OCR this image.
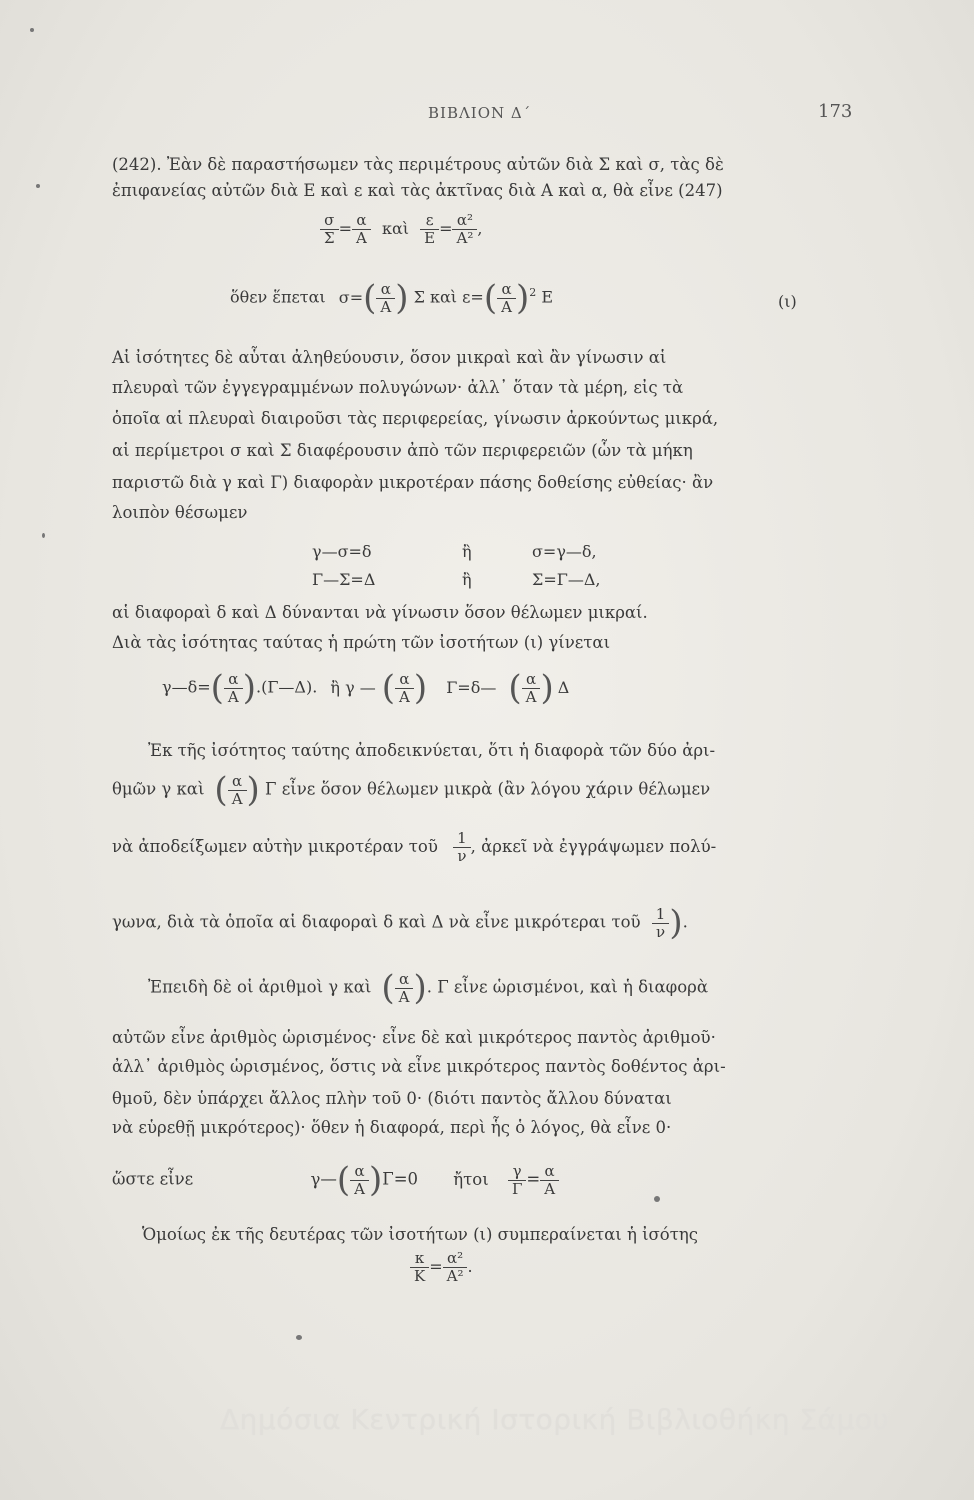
ΒΙΒΛΙΟΝ Δ΄	173
(242). Ἐὰν δὲ παραστήσωμεν τὰς περιμέτρους αὐτῶν διὰ Σ καὶ σ, τὰς δὲ
ἐπιφανείας αὐτῶν διὰ Ε καὶ ε καὶ τὰς ἀκτῖνας διὰ Α καὶ α, θὰ εἶνε (247)
$\frac{\sigma}{\Sigma} = \frac{\alpha}{A}$ καὶ $\frac{\varepsilon}{E} = \frac{\text{α²}}{\text{Α²}}$ ,
ὅθεν ἕπεται $\sigma=( \frac{\alpha}{A}$ ) Σ καὶ $\varepsilon=( \frac{\alpha}{A} )^2$ Ε	(ι)
Αἱ ἰσότητες δὲ αὗται ἀληθεύουσιν, ὅσον μικραὶ καὶ ἂν γίνωσιν αἱ
πλευραὶ τῶν ἐγγεγραμμένων πολυγώνων· ἀλλ᾽ ὅταν τὰ μέρη, εἰς τὰ
ὁποῖα αἱ πλευραὶ διαιροῦσι τὰς περιφερείας, γίνωσιν ἀρκούντως μικρά,
αἱ περίμετροι σ καὶ Σ διαφέρουσιν ἀπὸ τῶν περιφερειῶν (ὧν τὰ μήκη
παριστῶ διὰ γ καὶ Γ) διαφορὰν μικροτέραν πάσης δοθείσης εὐθείας· ἂν
λοιπὸν θέσωμεν
γ—σ=δ	ἢ	σ=γ—δ,
Γ—Σ=Δ	ἢ	Σ=Γ—Δ,
αἱ διαφοραὶ δ καὶ Δ δύνανται νὰ γίνωσιν ὅσον θέλωμεν μικραί.
Διὰ τὰς ἰσότητας ταύτας ἡ πρώτη τῶν ἰσοτήτων (ι) γίνεται
γ—δ=( $\frac{\alpha}{A}$ ).(Γ—Δ). ἢ γ — ( $\frac{\alpha}{A}$ ) Γ=δ— ( $\frac{\alpha}{A}$ ) Δ
Ἐκ τῆς ἰσότητος ταύτης ἀποδεικνύεται, ὅτι ἡ διαφορὰ τῶν δύο ἀρι-
θμῶν γ καὶ ( $\frac{\alpha}{A}$ ) Γ εἶνε ὅσον θέλωμεν μικρὰ (ἂν λόγου χάριν θέλωμεν
νὰ ἀποδείξωμεν αὐτὴν μικροτέραν τοῦ $\frac{1}{\nu}$ , ἀρκεῖ νὰ ἐγγράψωμεν πολύ-
γωνα, διὰ τὰ ὁποῖα αἱ διαφοραὶ δ καὶ Δ νὰ εἶνε μικρότεραι τοῦ $\frac{1}{\nu}$ ).
Ἐπειδὴ δὲ οἱ ἀριθμοὶ γ καὶ ( $\frac{\alpha}{A}$ ). Γ εἶνε ὡρισμένοι, καὶ ἡ διαφορὰ
αὐτῶν εἶνε ἀριθμὸς ὡρισμένος· εἶνε δὲ καὶ μικρότερος παντὸς ἀριθμοῦ·
ἀλλ᾽ ἀριθμὸς ὡρισμένος, ὅστις νὰ εἶνε μικρότερος παντὸς δοθέντος ἀρι-
θμοῦ, δὲν ὑπάρχει ἄλλος πλὴν τοῦ 0· (διότι παντὸς ἄλλου δύναται
νὰ εὑρεθῇ μικρότερος)· ὅθεν ἡ διαφορά, περὶ ἧς ὁ λόγος, θὰ εἶνε 0·
ὥστε εἶνε	γ—( $\frac{\alpha}{A} )\Gamma=0$ ἤτοι $\frac{\gamma}{\Gamma} = \frac{\alpha}{A}$
Ὁμοίως ἐκ τῆς δευτέρας τῶν ἰσοτήτων (ι) συμπεραίνεται ἡ ἰσότης
$\frac{\kappa}{K} = \frac{\text{α²}}{\text{Α²}}$ .
Δημόσια Κεντρική Ιστορική Βιβλιοθήκη Σάμου
